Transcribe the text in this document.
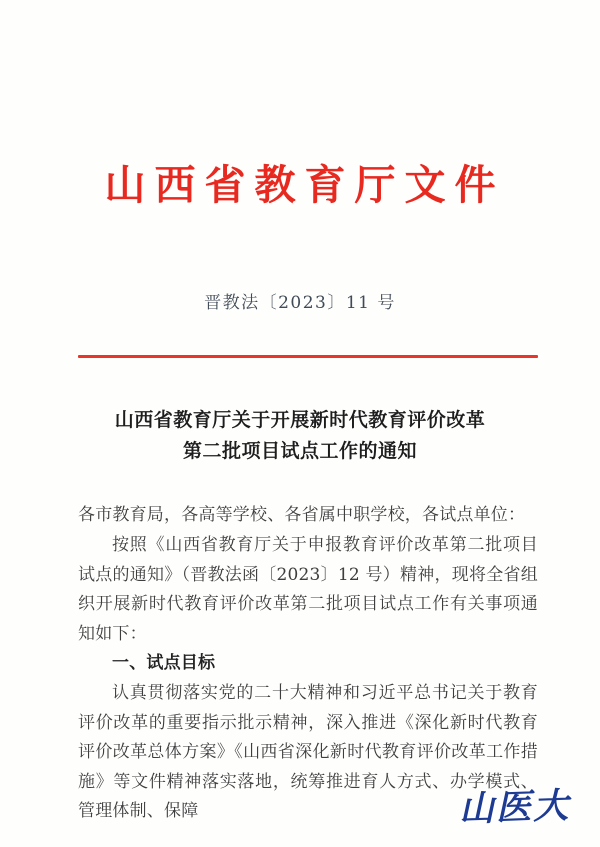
山西省教育厅文件
晋教法〔2023〕11 号
山西省教育厅关于开展新时代教育评价改革
第二批项目试点工作的通知

各市教育局，各高等学校、各省属中职学校，各试点单位：

按照《山西省教育厅关于申报教育评价改革第二批项目试点的通知》（晋教法函〔2023〕12 号）精神，现将全省组织开展新时代教育评价改革第二批项目试点工作有关事项通知如下：

一、试点目标

认真贯彻落实党的二十大精神和习近平总书记关于教育评价改革的重要指示批示精神，深入推进《深化新时代教育评价改革总体方案》《山西省深化新时代教育评价改革工作措施》等文件精神落实落地，统筹推进育人方式、办学模式、管理体制、保障	山医大
